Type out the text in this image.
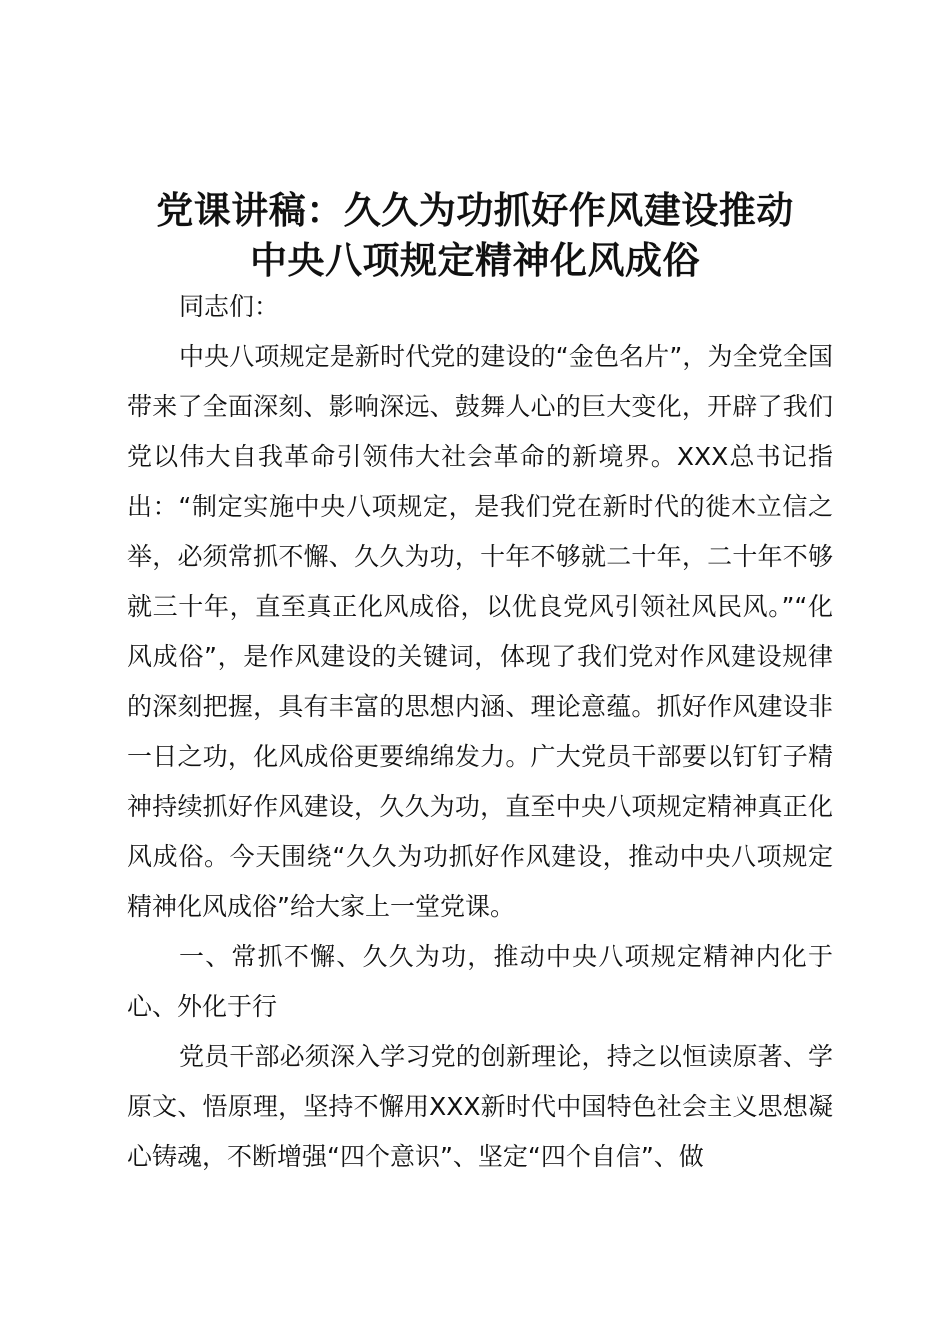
党课讲稿：久久为功抓好作风建设推动
中央八项规定精神化风成俗

同志们：

中央八项规定是新时代党的建设的“金色名片”，为全党全国带来了全面深刻、影响深远、鼓舞人心的巨大变化，开辟了我们党以伟大自我革命引领伟大社会革命的新境界。XXX总书记指出：“制定实施中央八项规定，是我们党在新时代的徙木立信之举，必须常抓不懈、久久为功，十年不够就二十年，二十年不够就三十年，直至真正化风成俗，以优良党风引领社风民风。”“化风成俗”，是作风建设的关键词，体现了我们党对作风建设规律的深刻把握，具有丰富的思想内涵、理论意蕴。抓好作风建设非一日之功，化风成俗更要绵绵发力。广大党员干部要以钉钉子精神持续抓好作风建设，久久为功，直至中央八项规定精神真正化风成俗。今天围绕“久久为功抓好作风建设，推动中央八项规定精神化风成俗”给大家上一堂党课。

一、常抓不懈、久久为功，推动中央八项规定精神内化于心、外化于行

党员干部必须深入学习党的创新理论，持之以恒读原著、学原文、悟原理，坚持不懈用XXX新时代中国特色社会主义思想凝心铸魂，不断增强“四个意识”、坚定“四个自信”、做
